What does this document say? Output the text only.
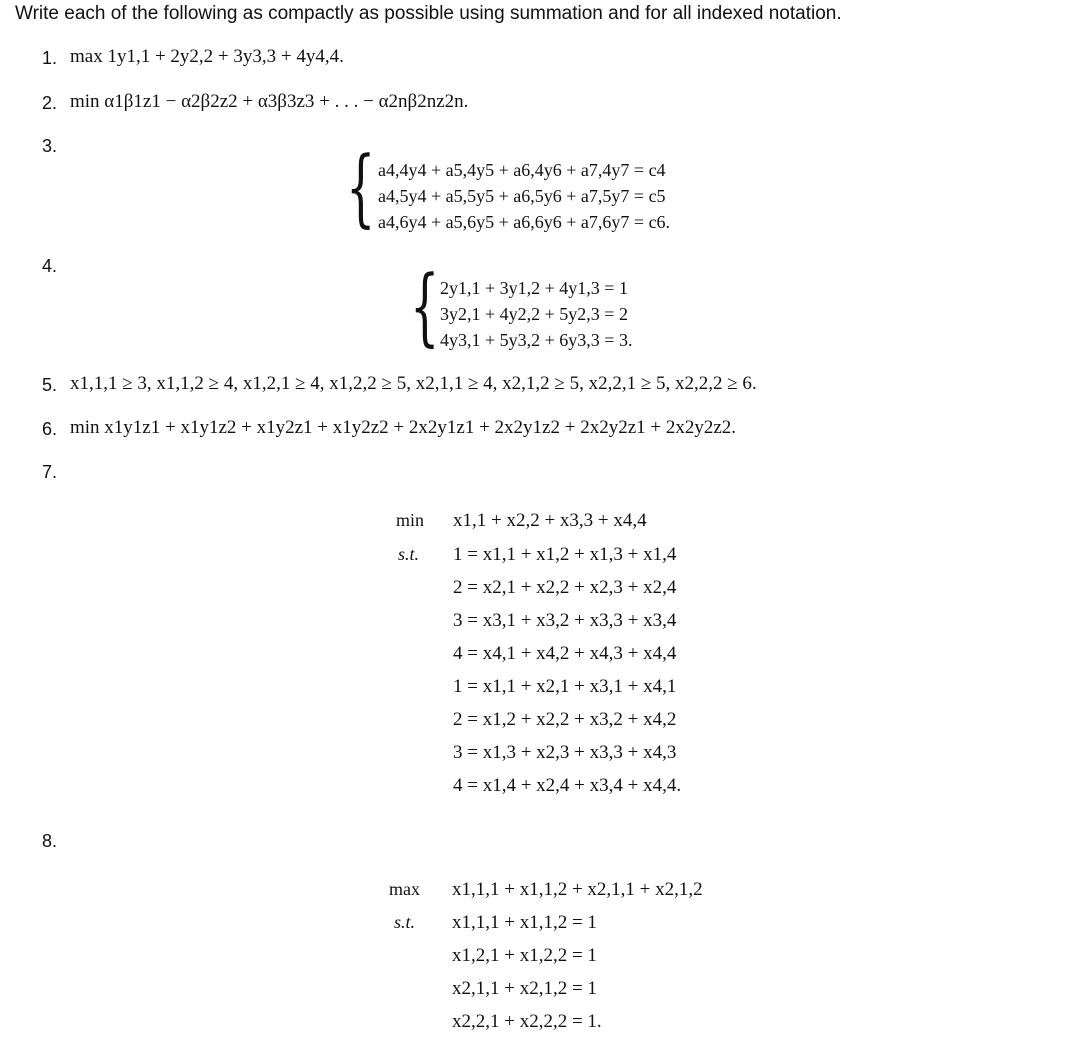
Write each of the following as compactly as possible using summation and for all indexed notation.
1. max 1y1,1 + 2y2,2 + 3y3,3 + 4y4,4.
2. min α1β1z1 − α2β2z2 + α3β3z3 + . . . − α2nβ2nz2n.
3.	{ a4,4y4 + a5,4y5 + a6,4y6 + a7,4y7 = c4
a4,5y4 + a5,5y5 + a6,5y6 + a7,5y7 = c5
a4,6y4 + a5,6y5 + a6,6y6 + a7,6y7 = c6.
4.	{ 2y1,1 + 3y1,2 + 4y1,3 = 1
3y2,1 + 4y2,2 + 5y2,3 = 2
4y3,1 + 5y3,2 + 6y3,3 = 3.
5. x1,1,1 ≥ 3, x1,1,2 ≥ 4, x1,2,1 ≥ 4, x1,2,2 ≥ 5, x2,1,1 ≥ 4, x2,1,2 ≥ 5, x2,2,1 ≥ 5, x2,2,2 ≥ 6.
6. min x1y1z1 + x1y1z2 + x1y2z1 + x1y2z2 + 2x2y1z1 + 2x2y1z2 + 2x2y2z1 + 2x2y2z2.
7.
min
s.t.
x1,1 + x2,2 + x3,3 + x4,4
1 = x1,1 + x1,2 + x1,3 + x1,4
2 = x2,1 + x2,2 + x2,3 + x2,4
3 = x3,1 + x3,2 + x3,3 + x3,4
4 = x4,1 + x4,2 + x4,3 + x4,4
1 = x1,1 + x2,1 + x3,1 + x4,1
2 = x1,2 + x2,2 + x3,2 + x4,2
3 = x1,3 + x2,3 + x3,3 + x4,3
4 = x1,4 + x2,4 + x3,4 + x4,4.
8.
max
s.t.
x1,1,1 + x1,1,2 + x2,1,1 + x2,1,2
x1,1,1 + x1,1,2 = 1
x1,2,1 + x1,2,2 = 1
x2,1,1 + x2,1,2 = 1
x2,2,1 + x2,2,2 = 1.
